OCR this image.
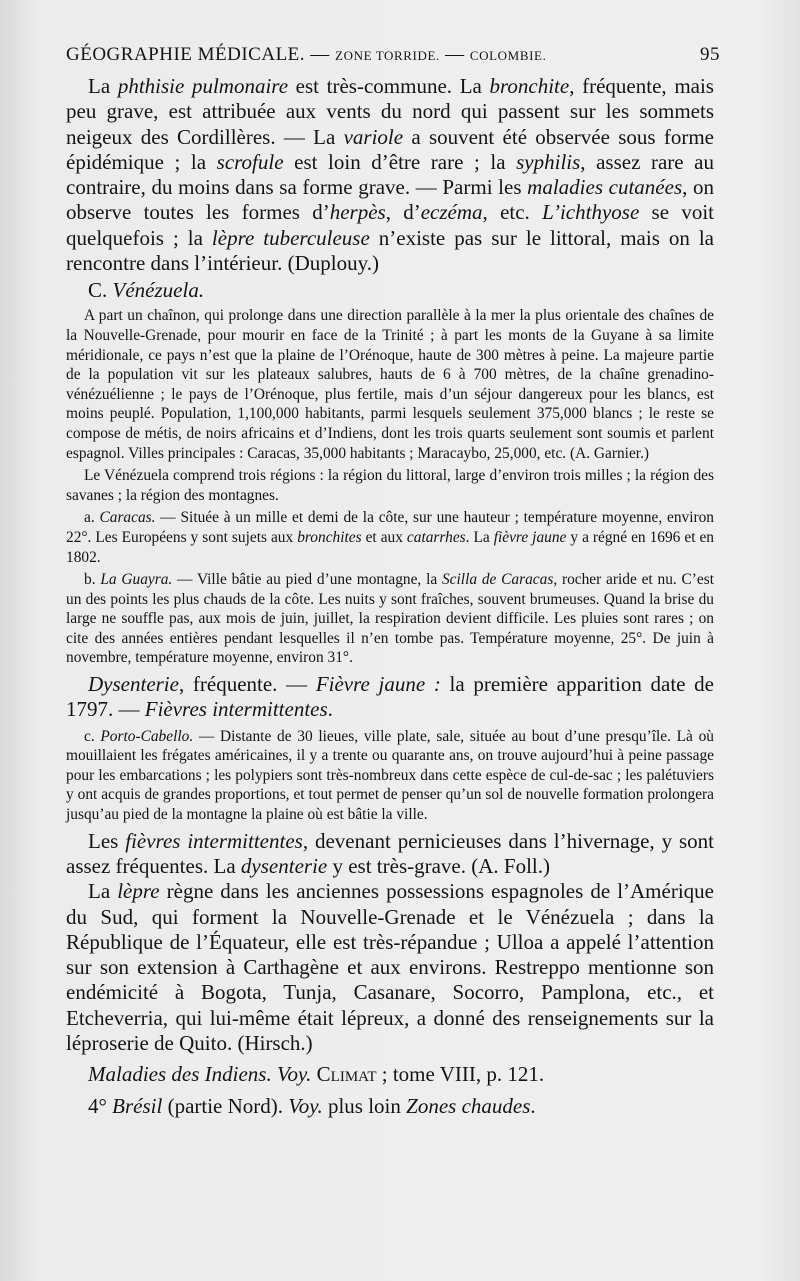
GÉOGRAPHIE MÉDICALE. — ZONE TORRIDE. — COLOMBIE.	95

La phthisie pulmonaire est très-commune. La bronchite, fréquente, mais peu grave, est attribuée aux vents du nord qui passent sur les sommets neigeux des Cordillères. — La variole a souvent été observée sous forme épidémique ; la scrofule est loin d’être rare ; la syphilis, assez rare au contraire, du moins dans sa forme grave. — Parmi les maladies cutanées, on observe toutes les formes d’herpès, d’eczéma, etc. L’ichthyose se voit quelquefois ; la lèpre tuberculeuse n’existe pas sur le littoral, mais on la rencontre dans l’intérieur. (Duplouy.)

C. Vénézuela.

A part un chaînon, qui prolonge dans une direction parallèle à la mer la plus orientale des chaînes de la Nouvelle-Grenade, pour mourir en face de la Trinité ; à part les monts de la Guyane à sa limite méridionale, ce pays n’est que la plaine de l’Orénoque, haute de 300 mètres à peine. La majeure partie de la population vit sur les plateaux salubres, hauts de 6 à 700 mètres, de la chaîne grenadino-vénézuélienne ; le pays de l’Orénoque, plus fertile, mais d’un séjour dangereux pour les blancs, est moins peuplé. Population, 1,100,000 habitants, parmi lesquels seulement 375,000 blancs ; le reste se compose de métis, de noirs africains et d’Indiens, dont les trois quarts seulement sont soumis et parlent espagnol. Villes principales : Caracas, 35,000 habitants ; Maracaybo, 25,000, etc. (A. Garnier.)

Le Vénézuela comprend trois régions : la région du littoral, large d’environ trois milles ; la région des savanes ; la région des montagnes.

a. Caracas. — Située à un mille et demi de la côte, sur une hauteur ; température moyenne, environ 22°. Les Européens y sont sujets aux bronchites et aux catarrhes. La fièvre jaune y a régné en 1696 et en 1802.

b. La Guayra. — Ville bâtie au pied d’une montagne, la Scilla de Caracas, rocher aride et nu. C’est un des points les plus chauds de la côte. Les nuits y sont fraîches, souvent brumeuses. Quand la brise du large ne souffle pas, aux mois de juin, juillet, la respiration devient difficile. Les pluies sont rares ; on cite des années entières pendant lesquelles il n’en tombe pas. Température moyenne, 25°. De juin à novembre, température moyenne, environ 31°.

Dysenterie, fréquente. — Fièvre jaune : la première apparition date de 1797. — Fièvres intermittentes.

c. Porto-Cabello. — Distante de 30 lieues, ville plate, sale, située au bout d’une presqu’île. Là où mouillaient les frégates américaines, il y a trente ou quarante ans, on trouve aujourd’hui à peine passage pour les embarcations ; les polypiers sont très-nombreux dans cette espèce de cul-de-sac ; les palétuviers y ont acquis de grandes proportions, et tout permet de penser qu’un sol de nouvelle formation prolongera jusqu’au pied de la montagne la plaine où est bâtie la ville.

Les fièvres intermittentes, devenant pernicieuses dans l’hivernage, y sont assez fréquentes. La dysenterie y est très-grave. (A. Foll.)

La lèpre règne dans les anciennes possessions espagnoles de l’Amérique du Sud, qui forment la Nouvelle-Grenade et le Vénézuela ; dans la République de l’Équateur, elle est très-répandue ; Ulloa a appelé l’attention sur son extension à Carthagène et aux environs. Restreppo mentionne son endémicité à Bogota, Tunja, Casanare, Socorro, Pamplona, etc., et Etcheverria, qui lui-même était lépreux, a donné des renseignements sur la léproserie de Quito. (Hirsch.)

Maladies des Indiens. Voy. Climat ; tome VIII, p. 121.

4° Brésil (partie Nord). Voy. plus loin Zones chaudes.
